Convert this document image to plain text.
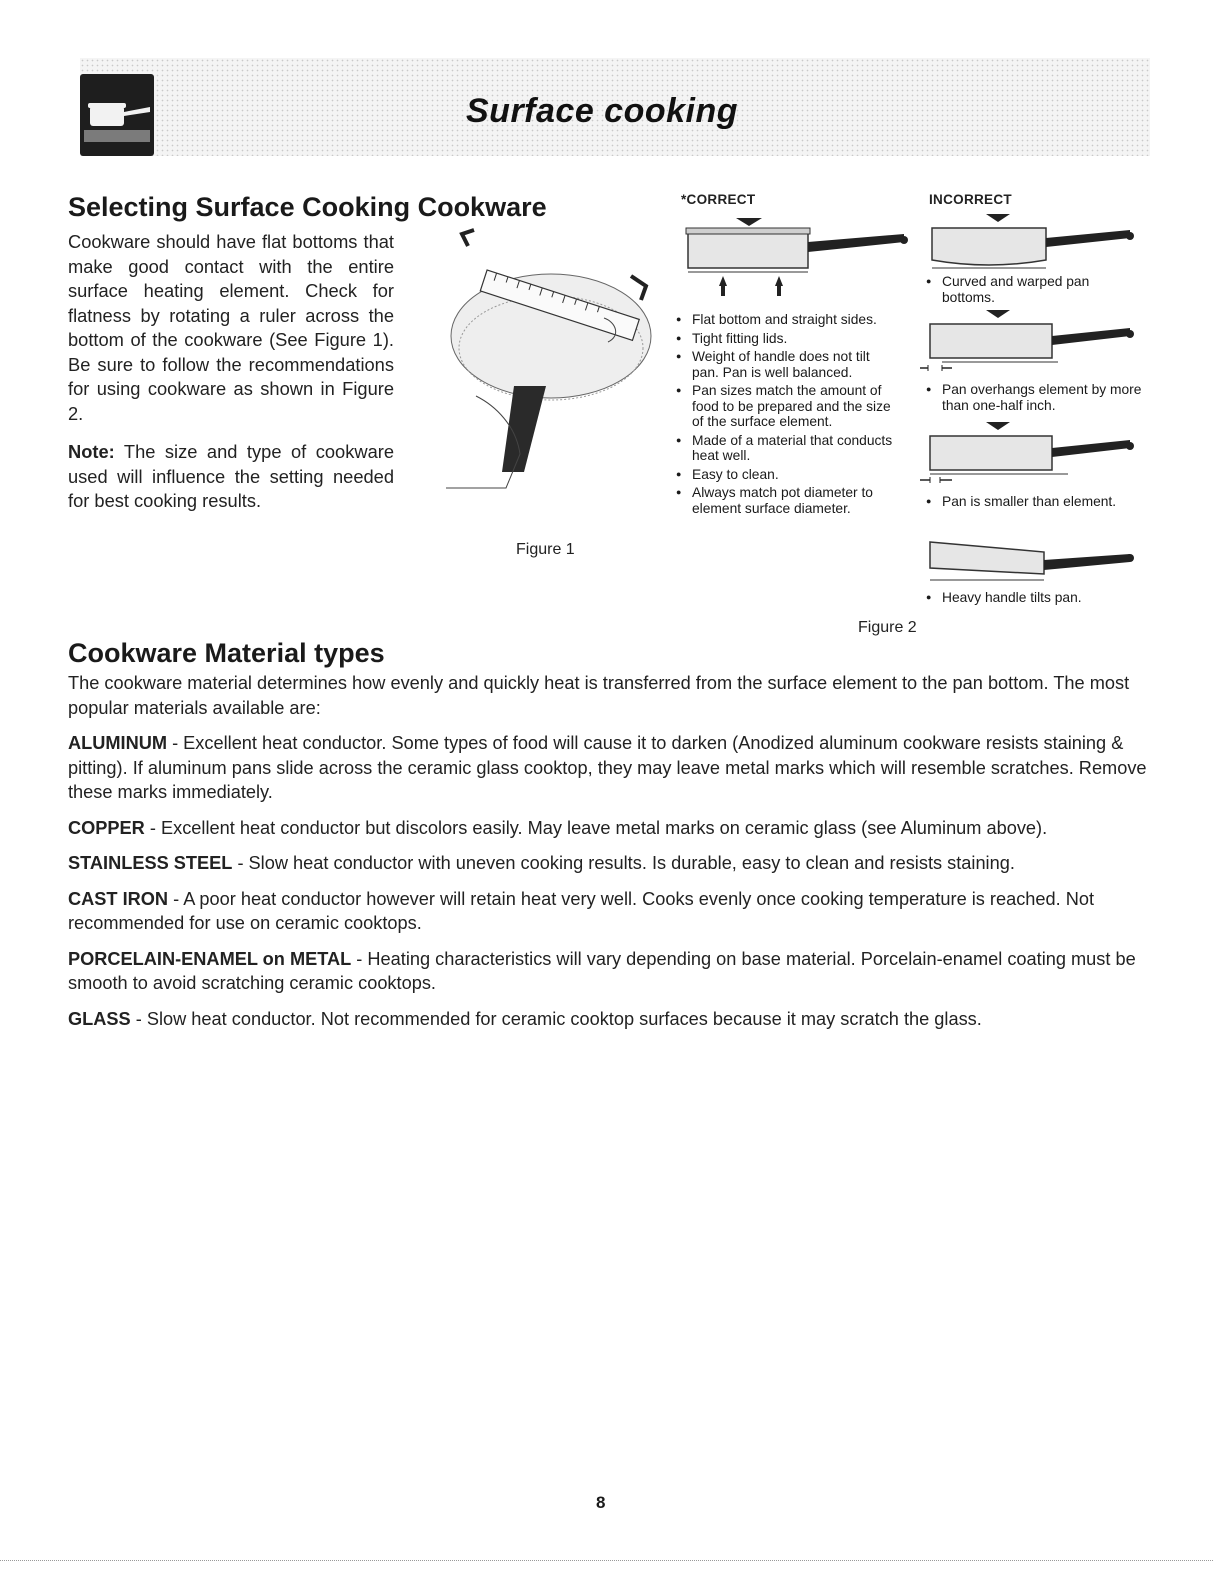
Surface cooking
Selecting Surface Cooking Cookware

Cookware should have flat bottoms that make good contact with the entire surface heating element. Check for flatness by rotating a ruler across the bottom of the cookware (See Figure 1). Be sure to follow the recommendations for using cookware as shown in Figure 2.

Note: The size and type of cookware used will influence the setting needed for best cooking results.

Figure 1
*CORRECT
● Flat bottom and straight sides.
● Tight fitting lids.
● Weight of handle does not tilt pan. Pan is well balanced.
● Pan sizes match the amount of food to be prepared and the size of the surface element.
● Made of a material that conducts heat well.
● Easy to clean.
● Always match pot diameter to element surface diameter.
INCORRECT
● Curved and warped pan bottoms.
● Pan overhangs element by more than one-half inch.
● Pan is smaller than element.
● Heavy handle tilts pan.
Figure 2
Cookware Material types

The cookware material determines how evenly and quickly heat is transferred from the surface element to the pan bottom. The most popular materials available are:

ALUMINUM - Excellent heat conductor. Some types of food will cause it to darken (Anodized aluminum cookware resists staining & pitting). If aluminum pans slide across the ceramic glass cooktop, they may leave metal marks which will resemble scratches. Remove these marks immediately.

COPPER - Excellent heat conductor but discolors easily. May leave metal marks on ceramic glass (see Aluminum above).

STAINLESS STEEL - Slow heat conductor with uneven cooking results. Is durable, easy to clean and resists staining.

CAST IRON - A poor heat conductor however will retain heat very well. Cooks evenly once cooking temperature is reached. Not recommended for use on ceramic cooktops.

PORCELAIN-ENAMEL on METAL - Heating characteristics will vary depending on base material. Porcelain-enamel coating must be smooth to avoid scratching ceramic cooktops.

GLASS - Slow heat conductor. Not recommended for ceramic cooktop surfaces because it may scratch the glass.

8
